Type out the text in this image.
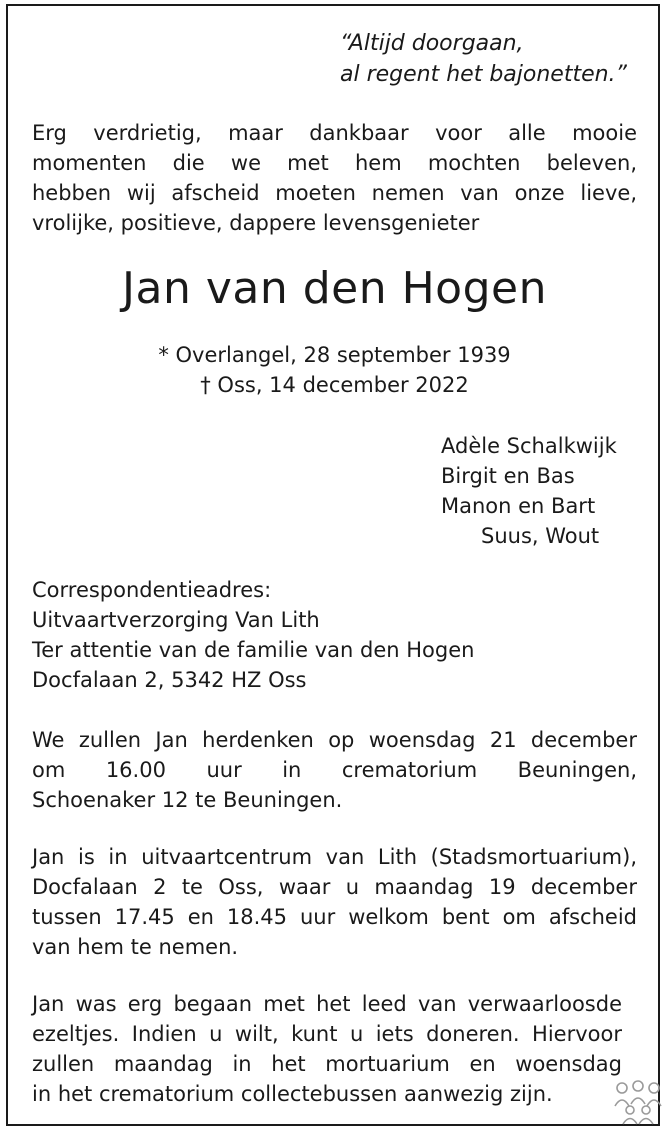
“Altijd doorgaan,
al regent het bajonetten.”
Erg verdrietig, maar dankbaar voor alle mooie
momenten die we met hem mochten beleven,
hebben wij afscheid moeten nemen van onze lieve,
vrolijke, positieve, dappere levensgenieter
Jan van den Hogen
* Overlangel, 28 september 1939
† Oss, 14 december 2022
Adèle Schalkwijk
Birgit en Bas
Manon en Bart
Suus, Wout
Correspondentieadres:
Uitvaartverzorging Van Lith
Ter attentie van de familie van den Hogen
Docfalaan 2, 5342 HZ Oss
We zullen Jan herdenken op woensdag 21 december
om 16.00 uur in crematorium Beuningen,
Schoenaker 12 te Beuningen.
Jan is in uitvaartcentrum van Lith (Stadsmortuarium),
Docfalaan 2 te Oss, waar u maandag 19 december
tussen 17.45 en 18.45 uur welkom bent om afscheid
van hem te nemen.
Jan was erg begaan met het leed van verwaarloosde
ezeltjes. Indien u wilt, kunt u iets doneren. Hiervoor
zullen maandag in het mortuarium en woensdag
in het crematorium collectebussen aanwezig zijn.
